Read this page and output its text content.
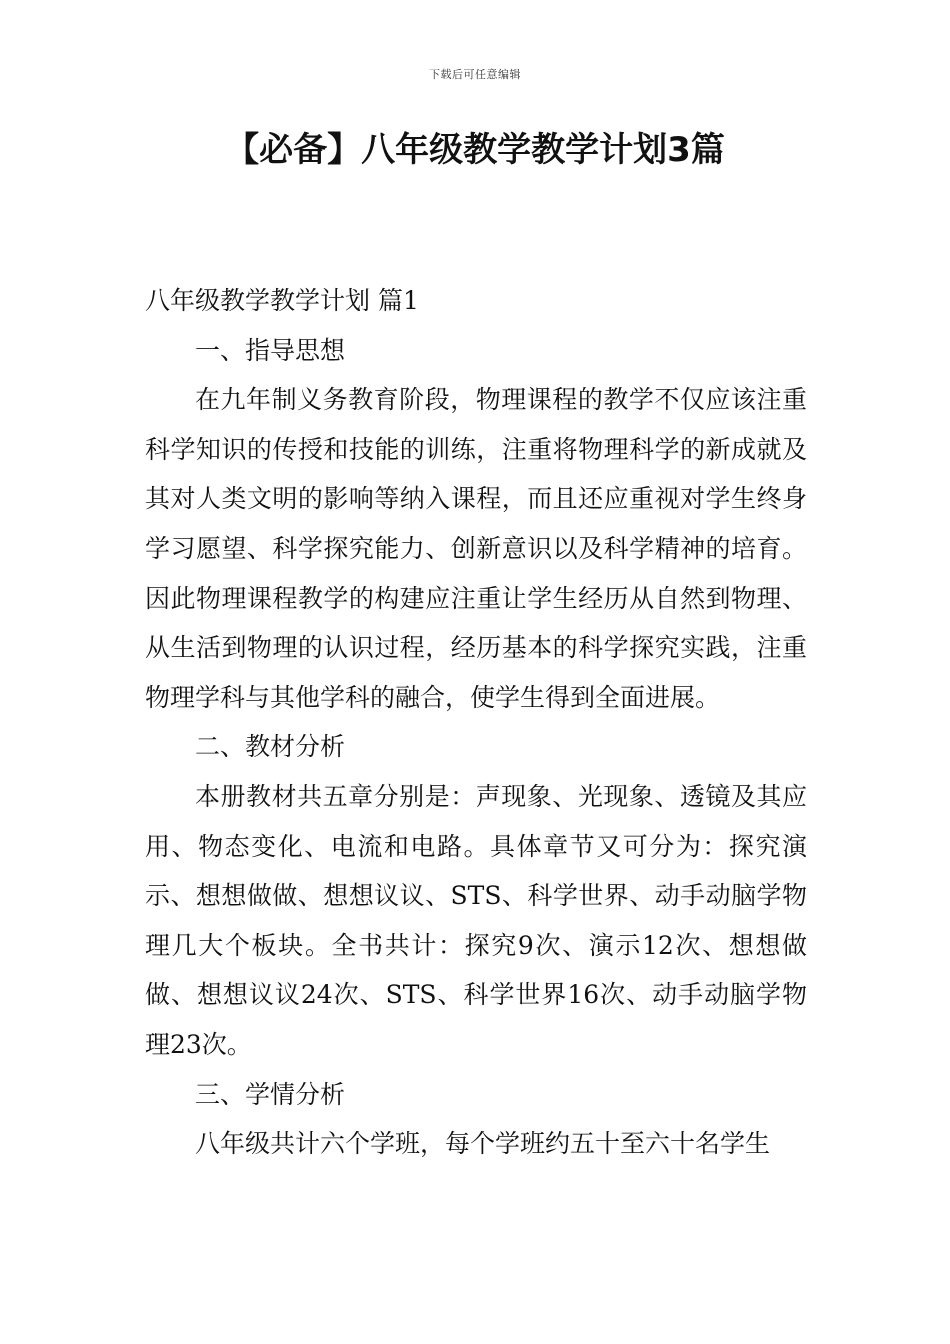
下载后可任意编辑
【必备】八年级教学教学计划3篇

八年级教学教学计划 篇1

一、指导思想

在九年制义务教育阶段，物理课程的教学不仅应该注重科学知识的传授和技能的训练，注重将物理科学的新成就及其对人类文明的影响等纳入课程，而且还应重视对学生终身学习愿望、科学探究能力、创新意识以及科学精神的培育。因此物理课程教学的构建应注重让学生经历从自然到物理、从生活到物理的认识过程，经历基本的科学探究实践，注重物理学科与其他学科的融合，使学生得到全面进展。

二、教材分析

本册教材共五章分别是：声现象、光现象、透镜及其应用、物态变化、电流和电路。具体章节又可分为：探究演示、想想做做、想想议议、STS、科学世界、动手动脑学物理几大个板块。全书共计：探究9次、演示12次、想想做做、想想议议24次、STS、科学世界16次、动手动脑学物理23次。

三、学情分析

八年级共计六个学班，每个学班约五十至六十名学生
